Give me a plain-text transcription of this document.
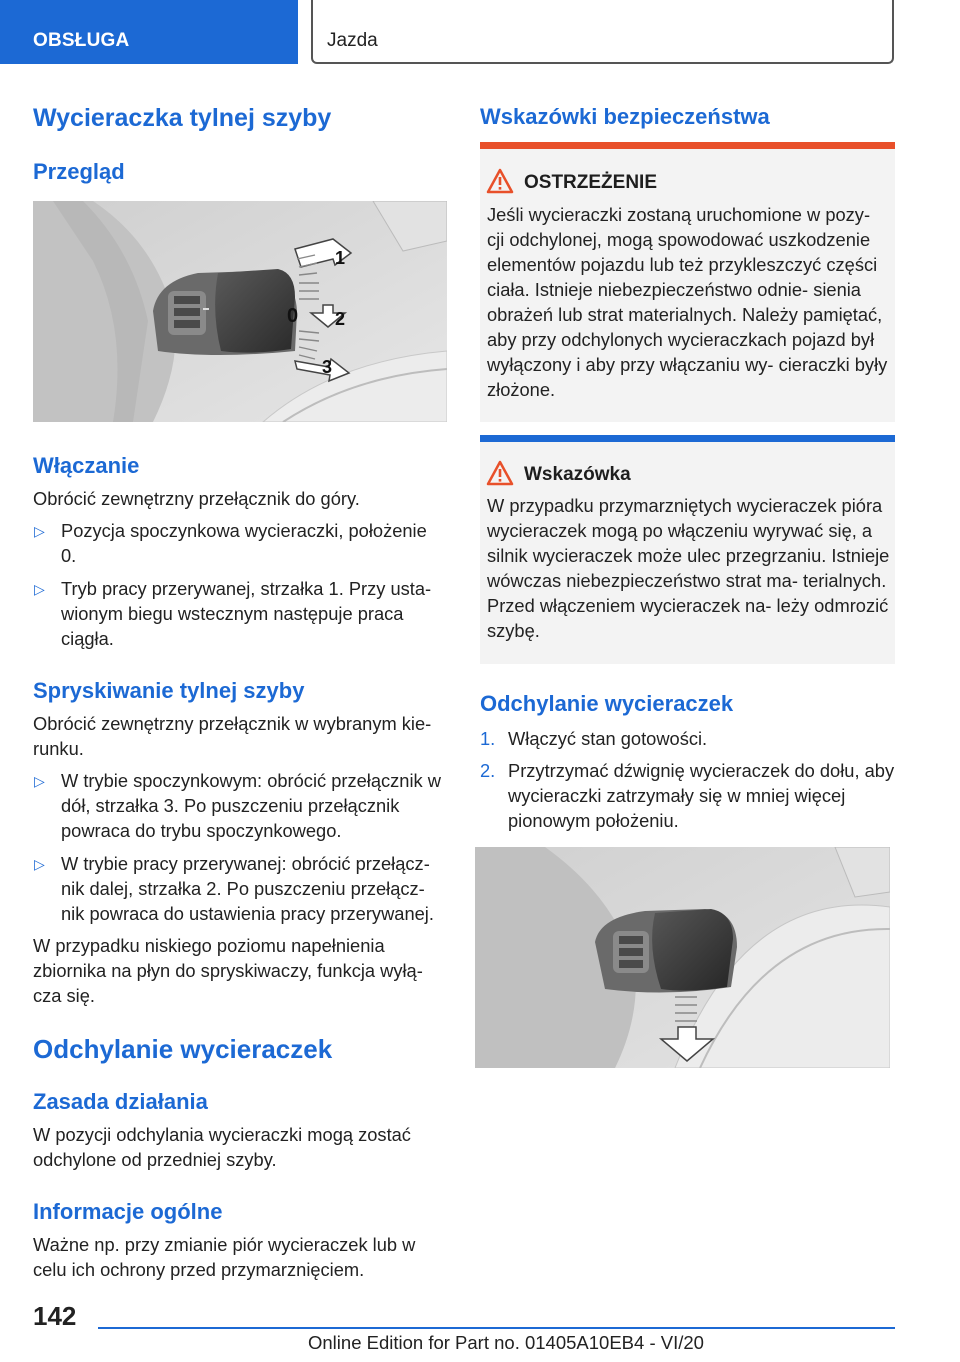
OBSŁUGA	Jazda
Wycieraczka tylnej szyby
Przegląd
1
0 2
3
Włączanie
Obrócić zewnętrzny przełącznik do góry.
▷ Pozycja spoczynkowa wycieraczki, położenie 0.
▷ Tryb pracy przerywanej, strzałka 1. Przy usta- wionym biegu wstecznym następuje praca ciągła.
Spryskiwanie tylnej szyby
Obrócić zewnętrzny przełącznik w wybranym kie- runku.
▷ W trybie spoczynkowym: obrócić przełącznik w dół, strzałka 3. Po puszczeniu przełącznik powraca do trybu spoczynkowego.
▷ W trybie pracy przerywanej: obrócić przełącz- nik dalej, strzałka 2. Po puszczeniu przełącz- nik powraca do ustawienia pracy przerywanej.
W przypadku niskiego poziomu napełnienia zbiornika na płyn do spryskiwaczy, funkcja wyłą- cza się.
Odchylanie wycieraczek
Zasada działania
W pozycji odchylania wycieraczki mogą zostać odchylone od przedniej szyby.
Informacje ogólne
Ważne np. przy zmianie piór wycieraczek lub w celu ich ochrony przed przymarznięciem.
Wskazówki bezpieczeństwa
OSTRZEŻENIE
Jeśli wycieraczki zostaną uruchomione w pozy- cji odchylonej, mogą spowodować uszkodzenie elementów pojazdu lub też przykleszczyć części ciała. Istnieje niebezpieczeństwo odnie- sienia obrażeń lub strat materialnych. Należy pamiętać, aby przy odchylonych wycieraczkach pojazd był wyłączony i aby przy włączaniu wy- cieraczki były złożone.
Wskazówka
W przypadku przymarzniętych wycieraczek pióra wycieraczek mogą po włączeniu wyrywać się, a silnik wycieraczek może ulec przegrzaniu. Istnieje wówczas niebezpieczeństwo strat ma- terialnych. Przed włączeniem wycieraczek na- leży odmrozić szybę.
Odchylanie wycieraczek
1. Włączyć stan gotowości.
2. Przytrzymać dźwignię wycieraczek do dołu, aby wycieraczki zatrzymały się w mniej więcej pionowym położeniu.
142
Online Edition for Part no. 01405A10EB4 - VI/20
